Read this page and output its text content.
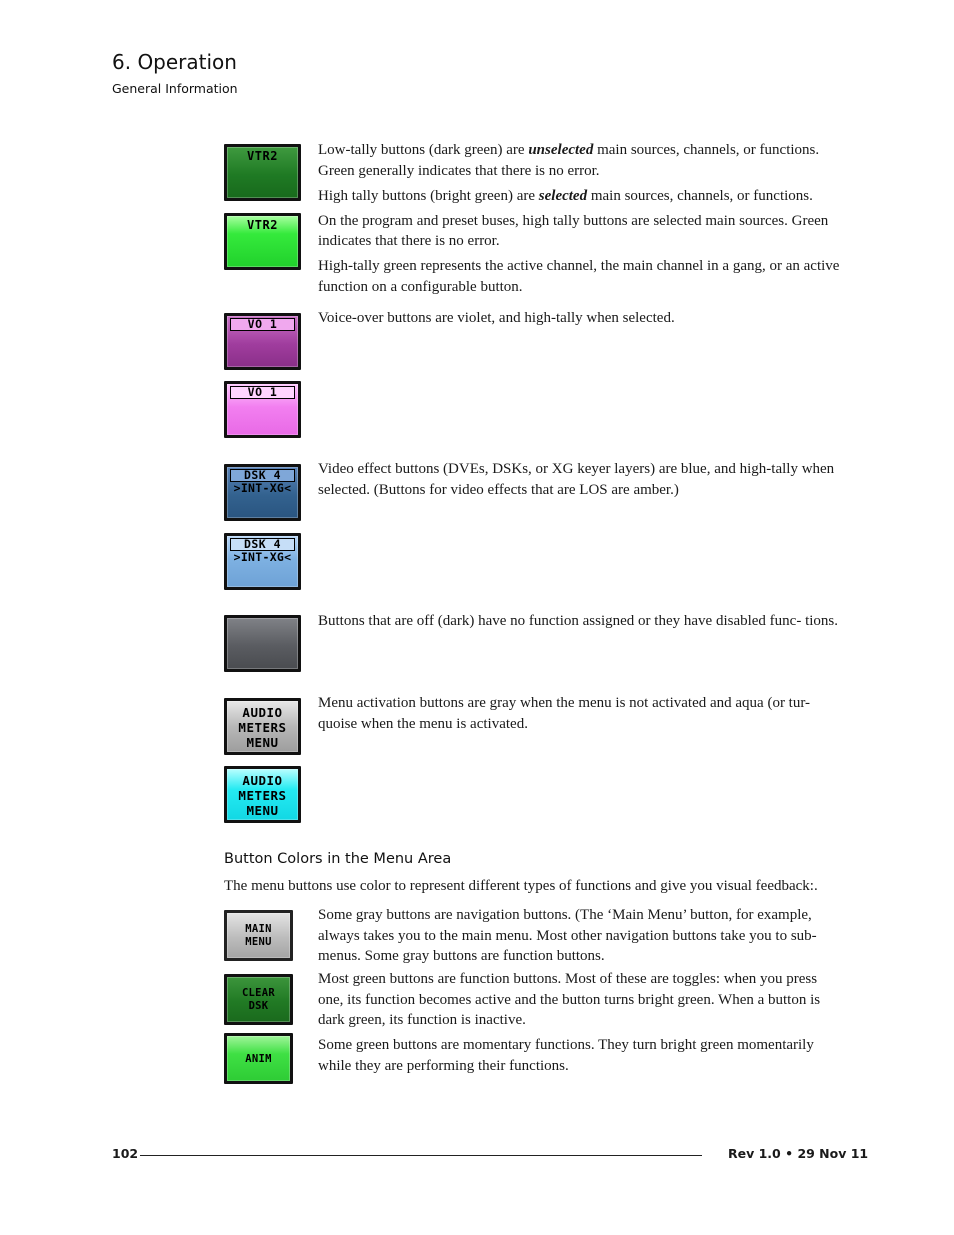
6. Operation
General Information
VTR2
VTR2

Low-tally buttons (dark green) are unselected main sources, channels, or functions. Green generally indicates that there is no error.

High tally buttons (bright green) are selected main sources, channels, or functions.

On the program and preset buses, high tally buttons are selected main sources. Green indicates that there is no error.

High-tally green represents the active channel, the main channel in a gang, or an active function on a configurable button.

VO 1
VO 1

Voice-over buttons are violet, and high-tally when selected.

DSK 4
>INT-XG<
DSK 4
>INT-XG<

Video effect buttons (DVEs, DSKs, or XG keyer layers) are blue, and high-tally when selected. (Buttons for video effects that are LOS are amber.)

Buttons that are off (dark) have no function assigned or they have disabled func- tions.

AUDIO
METERS
MENU
AUDIO
METERS
MENU

Menu activation buttons are gray when the menu is not activated and aqua (or tur- quoise when the menu is activated.

Button Colors in the Menu Area
The menu buttons use color to represent different types of functions and give you visual feedback:.
MAIN
MENU

Some gray buttons are navigation buttons. (The ‘Main Menu’ button, for example, always takes you to the main menu. Most other navigation buttons take you to sub- menus. Some gray buttons are function buttons.

CLEAR
DSK

Most green buttons are function buttons. Most of these are toggles: when you press one, its function becomes active and the button turns bright green. When a button is dark green, its function is inactive.

ANIM

Some green buttons are momentary functions. They turn bright green momentarily while they are performing their functions.

102	Rev 1.0 • 29 Nov 11
